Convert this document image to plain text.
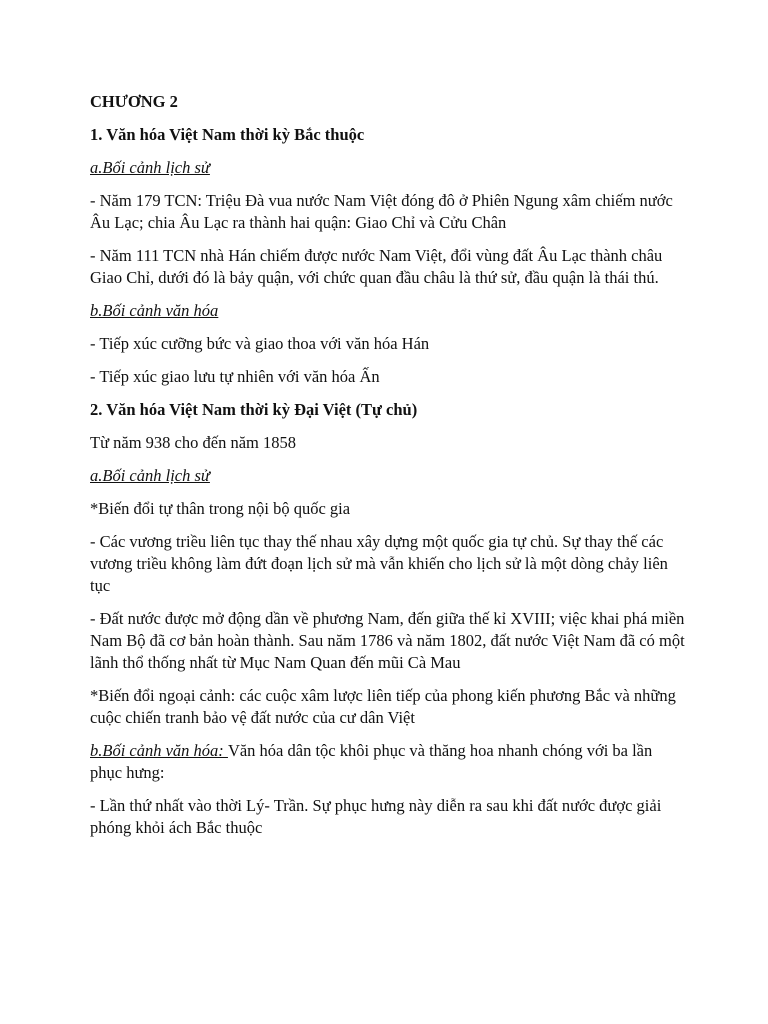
CHƯƠNG 2

1. Văn hóa Việt Nam thời kỳ Bắc thuộc

a.Bối cảnh lịch sử

- Năm 179 TCN: Triệu Đà vua nước Nam Việt đóng đô ở Phiên Ngung xâm chiếm nước Âu Lạc; chia Âu Lạc ra thành hai quận: Giao Chỉ và Cửu Chân

- Năm 111 TCN nhà Hán chiếm được nước Nam Việt, đổi vùng đất Âu Lạc thành châu Giao Chỉ, dưới đó là bảy quận, với chức quan đầu châu là thứ sử, đầu quận là thái thú.

b.Bối cảnh văn hóa

- Tiếp xúc cưỡng bức và giao thoa với văn hóa Hán

- Tiếp xúc giao lưu tự nhiên với văn hóa Ấn

2. Văn hóa Việt Nam thời kỳ Đại Việt (Tự chủ)

Từ năm 938 cho đến năm 1858

a.Bối cảnh lịch sử

*Biến đổi tự thân trong nội bộ quốc gia

- Các vương triều liên tục thay thế nhau xây dựng một quốc gia tự chủ. Sự thay thế các vương triều không làm đứt đoạn lịch sử mà vẫn khiến cho lịch sử là một dòng chảy liên tục

- Đất nước được mở động dần về phương Nam, đến giữa thế kỉ XVIII; việc khai phá miền Nam Bộ đã cơ bản hoàn thành. Sau năm 1786 và năm 1802, đất nước Việt Nam đã có một lãnh thổ thống nhất từ Mục Nam Quan đến mũi Cà Mau

*Biến đổi ngoại cảnh: các cuộc xâm lược liên tiếp của phong kiến phương Bắc và những cuộc chiến tranh bảo vệ đất nước của cư dân Việt

b.Bối cảnh văn hóa: Văn hóa dân tộc khôi phục và thăng hoa nhanh chóng với ba lần phục hưng:

- Lần thứ nhất vào thời Lý- Trần. Sự phục hưng này diễn ra sau khi đất nước được giải phóng khỏi ách Bắc thuộc
